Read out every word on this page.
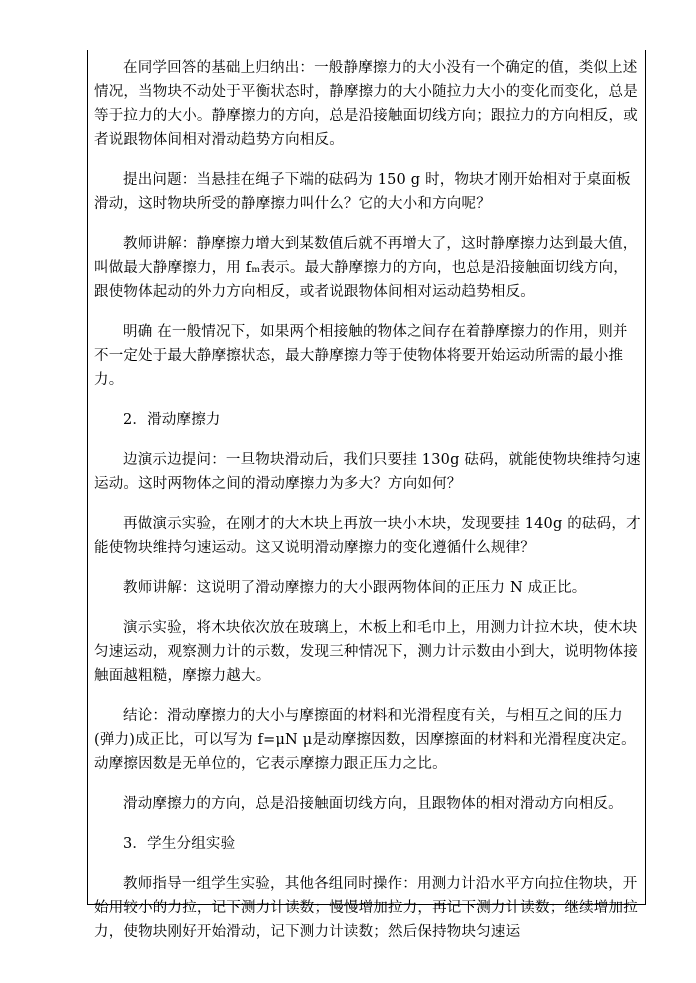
在同学回答的基础上归纳出：一般静摩擦力的大小没有一个确定的值，类似上述情况，当物块不动处于平衡状态时，静摩擦力的大小随拉力大小的变化而变化，总是等于拉力的大小。静摩擦力的方向，总是沿接触面切线方向；跟拉力的方向相反，或者说跟物体间相对滑动趋势方向相反。

提出问题：当悬挂在绳子下端的砝码为 150 g 时，物块才刚开始相对于桌面板滑动，这时物块所受的静摩擦力叫什么？它的大小和方向呢？

教师讲解：静摩擦力增大到某数值后就不再增大了，这时静摩擦力达到最大值，叫做最大静摩擦力，用 fₘ表示。最大静摩擦力的方向，也总是沿接触面切线方向，跟使物体起动的外力方向相反，或者说跟物体间相对运动趋势相反。

明确 在一般情况下，如果两个相接触的物体之间存在着静摩擦力的作用，则并不一定处于最大静摩擦状态，最大静摩擦力等于使物体将要开始运动所需的最小推力。

2．滑动摩擦力

边演示边提问：一旦物块滑动后，我们只要挂 130g 砝码，就能使物块维持匀速运动。这时两物体之间的滑动摩擦力为多大？方向如何？

再做演示实验，在刚才的大木块上再放一块小木块，发现要挂 140g 的砝码，才能使物块维持匀速运动。这又说明滑动摩擦力的变化遵循什么规律？

教师讲解：这说明了滑动摩擦力的大小跟两物体间的正压力 N 成正比。

演示实验，将木块依次放在玻璃上，木板上和毛巾上，用测力计拉木块，使木块匀速运动，观察测力计的示数，发现三种情况下，测力计示数由小到大，说明物体接触面越粗糙，摩擦力越大。

结论：滑动摩擦力的大小与摩擦面的材料和光滑程度有关，与相互之间的压力(弹力)成正比，可以写为 f=μN μ是动摩擦因数，因摩擦面的材料和光滑程度决定。动摩擦因数是无单位的，它表示摩擦力跟正压力之比。

滑动摩擦力的方向，总是沿接触面切线方向，且跟物体的相对滑动方向相反。

3．学生分组实验

教师指导一组学生实验，其他各组同时操作：用测力计沿水平方向拉住物块，开始用较小的力拉，记下测力计读数；慢慢增加拉力，再记下测力计读数；继续增加拉力，使物块刚好开始滑动，记下测力计读数；然后保持物块匀速运
